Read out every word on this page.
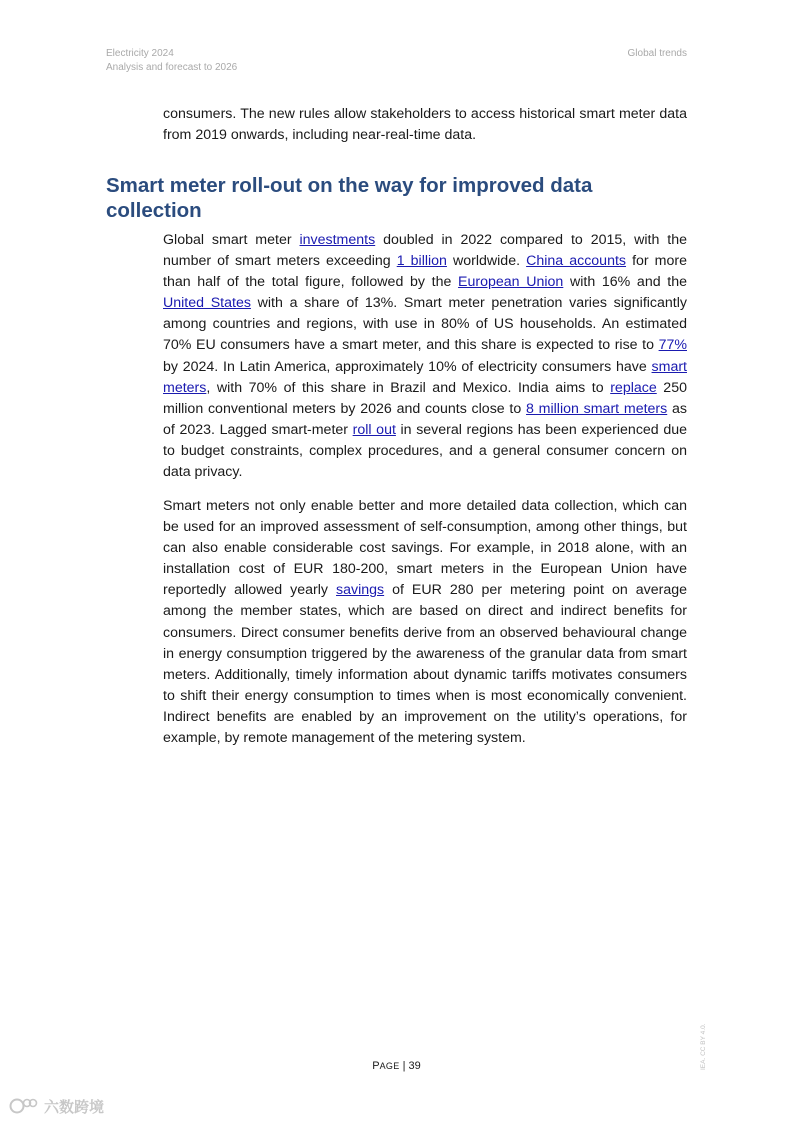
Electricity 2024
Analysis and forecast to 2026
Global trends

consumers. The new rules allow stakeholders to access historical smart meter data from 2019 onwards, including near-real-time data.

Smart meter roll-out on the way for improved data collection

Global smart meter investments doubled in 2022 compared to 2015, with the number of smart meters exceeding 1 billion worldwide. China accounts for more than half of the total figure, followed by the European Union with 16% and the United States with a share of 13%. Smart meter penetration varies significantly among countries and regions, with use in 80% of US households. An estimated 70% EU consumers have a smart meter, and this share is expected to rise to 77% by 2024. In Latin America, approximately 10% of electricity consumers have smart meters, with 70% of this share in Brazil and Mexico. India aims to replace 250 million conventional meters by 2026 and counts close to 8 million smart meters as of 2023. Lagged smart-meter roll out in several regions has been experienced due to budget constraints, complex procedures, and a general consumer concern on data privacy.

Smart meters not only enable better and more detailed data collection, which can be used for an improved assessment of self-consumption, among other things, but can also enable considerable cost savings. For example, in 2018 alone, with an installation cost of EUR 180-200, smart meters in the European Union have reportedly allowed yearly savings of EUR 280 per metering point on average among the member states, which are based on direct and indirect benefits for consumers. Direct consumer benefits derive from an observed behavioural change in energy consumption triggered by the awareness of the granular data from smart meters. Additionally, timely information about dynamic tariffs motivates consumers to shift their energy consumption to times when is most economically convenient. Indirect benefits are enabled by an improvement on the utility’s operations, for example, by remote management of the metering system.

IEA. CC BY 4.0.
PAGE | 39
六数跨境
